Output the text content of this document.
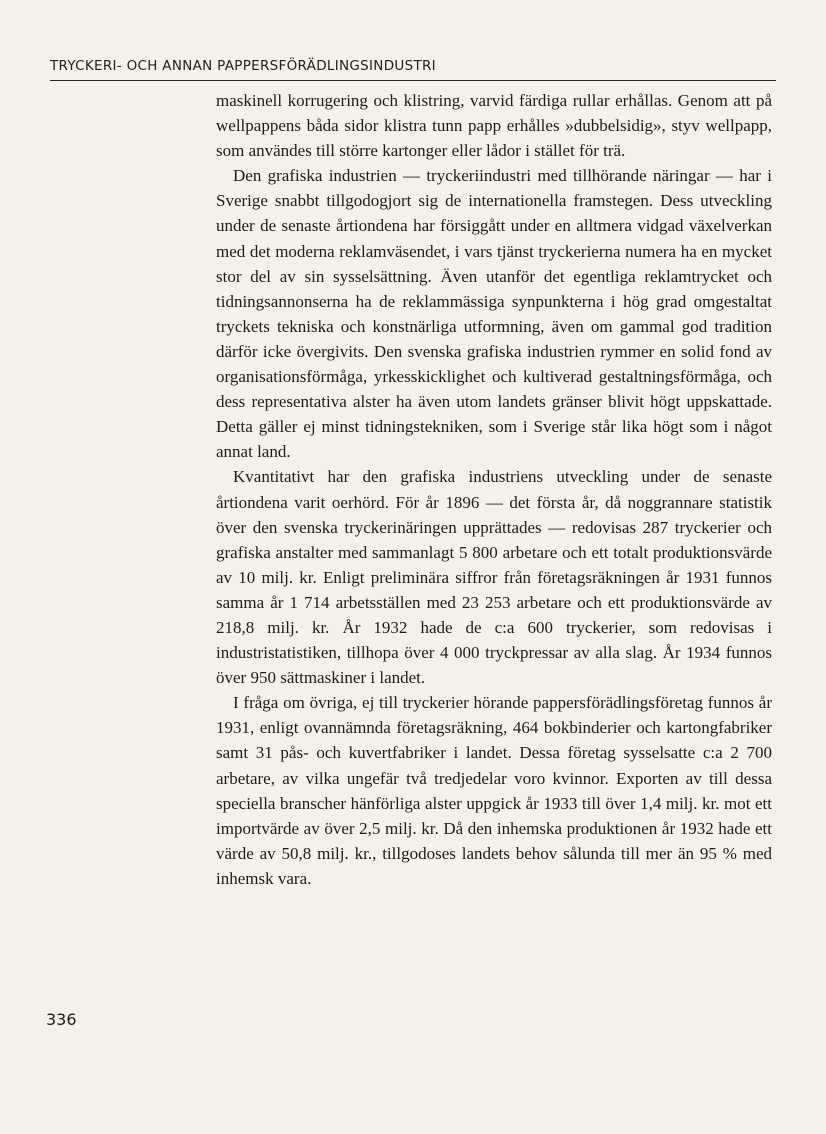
TRYCKERI- OCH ANNAN PAPPERSFÖRÄDLINGSINDUSTRI

maskinell korrugering och klistring, varvid färdiga rullar erhållas. Genom att på wellpappens båda sidor klistra tunn papp erhålles »dubbelsidig», styv wellpapp, som användes till större kartonger eller lådor i stället för trä.

Den grafiska industrien — tryckeriindustri med tillhörande näringar — har i Sverige snabbt tillgodogjort sig de internationella framstegen. Dess utveckling under de senaste årtiondena har försiggått under en alltmera vidgad växelverkan med det moderna reklamväsendet, i vars tjänst tryckerierna numera ha en mycket stor del av sin sysselsättning. Även utanför det egentliga reklamtrycket och tidningsannonserna ha de reklammässiga synpunkterna i hög grad omgestaltat tryckets tekniska och konstnärliga utformning, även om gammal god tradition därför icke övergivits. Den svenska grafiska industrien rymmer en solid fond av organisationsförmåga, yrkesskicklighet och kultiverad gestaltningsförmåga, och dess representativa alster ha även utom landets gränser blivit högt uppskattade. Detta gäller ej minst tidningstekniken, som i Sverige står lika högt som i något annat land.

Kvantitativt har den grafiska industriens utveckling under de senaste årtiondena varit oerhörd. För år 1896 — det första år, då noggrannare statistik över den svenska tryckerinäringen upprättades — redovisas 287 tryckerier och grafiska anstalter med sammanlagt 5 800 arbetare och ett totalt produktionsvärde av 10 milj. kr. Enligt preliminära siffror från företagsräkningen år 1931 funnos samma år 1 714 arbetsställen med 23 253 arbetare och ett produktionsvärde av 218,8 milj. kr. År 1932 hade de c:a 600 tryckerier, som redovisas i industristatistiken, tillhopa över 4 000 tryckpressar av alla slag. År 1934 funnos över 950 sättmaskiner i landet.

I fråga om övriga, ej till tryckerier hörande pappersförädlingsföretag funnos år 1931, enligt ovannämnda företagsräkning, 464 bokbinderier och kartongfabriker samt 31 pås- och kuvertfabriker i landet. Dessa företag sysselsatte c:a 2 700 arbetare, av vilka ungefär två tredjedelar voro kvinnor. Exporten av till dessa speciella branscher hänförliga alster uppgick år 1933 till över 1,4 milj. kr. mot ett importvärde av över 2,5 milj. kr. Då den inhemska produktionen år 1932 hade ett värde av 50,8 milj. kr., tillgodoses landets behov sålunda till mer än 95 % med inhemsk vara.

336
